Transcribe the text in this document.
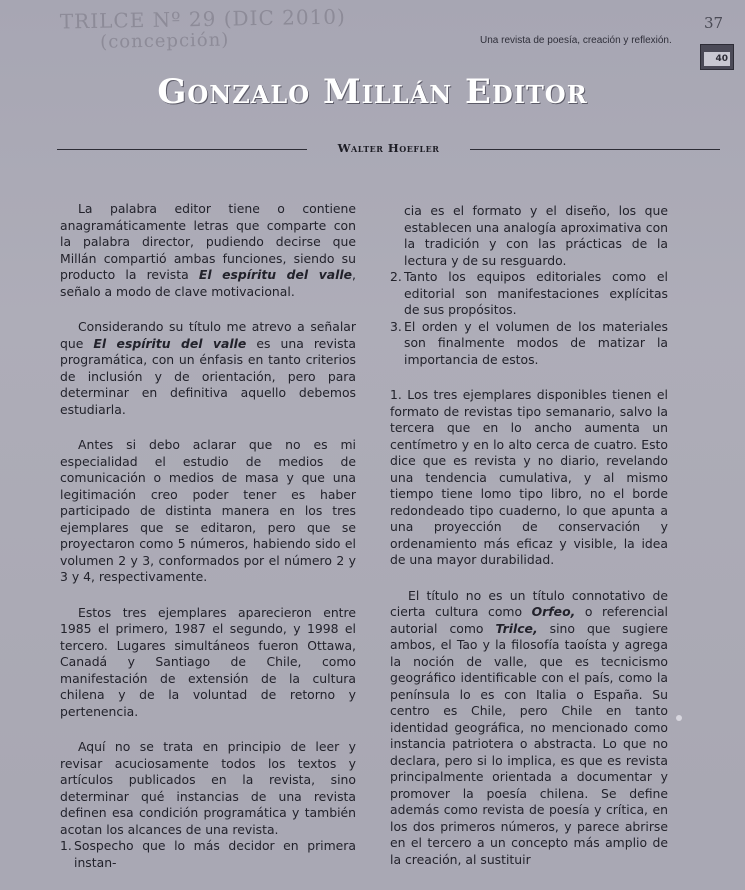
TRILCE Nº 29 (DIC 2010)
(concepción)
37
Una revista de poesía, creación y reflexión.
40
Gonzalo Millán Editor
Walter Hoefler

La palabra editor tiene o contiene anagramáticamente letras que comparte con la palabra director, pudiendo decirse que Millán compartió ambas funciones, siendo su producto la revista El espíritu del valle, señalo a modo de clave motivacional.

Considerando su título me atrevo a señalar que El espíritu del valle es una revista programática, con un énfasis en tanto criterios de inclusión y de orientación, pero para determinar en definitiva aquello debemos estudiarla.

Antes si debo aclarar que no es mi especialidad el estudio de medios de comunicación o medios de masa y que una legitimación creo poder tener es haber participado de distinta manera en los tres ejemplares que se editaron, pero que se proyectaron como 5 números, habiendo sido el volumen 2 y 3, conformados por el número 2 y 3 y 4, respectivamente.

Estos tres ejemplares aparecieron entre 1985 el primero, 1987 el segundo, y 1998 el tercero. Lugares simultáneos fueron Ottawa, Canadá y Santiago de Chile, como manifestación de extensión de la cultura chilena y de la voluntad de retorno y pertenencia.

Aquí no se trata en principio de leer y revisar acuciosamente todos los textos y artículos publicados en la revista, sino determinar qué instancias de una revista definen esa condición programática y también acotan los alcances de una revista.

1. Sospecho que lo más decidor en primera instan-
cia es el formato y el diseño, los que establecen una analogía aproximativa con la tradición y con las prácticas de la lectura y de su resguardo.
2. Tanto los equipos editoriales como el editorial son manifestaciones explícitas de sus propósitos.
3. El orden y el volumen de los materiales son finalmente modos de matizar la importancia de estos.

1. Los tres ejemplares disponibles tienen el formato de revistas tipo semanario, salvo la tercera que en lo ancho aumenta un centímetro y en lo alto cerca de cuatro. Esto dice que es revista y no diario, revelando una tendencia cumulativa, y al mismo tiempo tiene lomo tipo libro, no el borde redondeado tipo cuaderno, lo que apunta a una proyección de conservación y ordenamiento más eficaz y visible, la idea de una mayor durabilidad.

El título no es un título connotativo de cierta cultura como Orfeo, o referencial autorial como Trilce, sino que sugiere ambos, el Tao y la filosofía taoísta y agrega la noción de valle, que es tecnicismo geográfico identificable con el país, como la península lo es con Italia o España. Su centro es Chile, pero Chile en tanto identidad geográfica, no mencionado como instancia patriotera o abstracta. Lo que no declara, pero si lo implica, es que es revista principalmente orientada a documentar y promover la poesía chilena. Se define además como revista de poesía y crítica, en los dos primeros números, y parece abrirse en el tercero a un concepto más amplio de la creación, al sustituir
